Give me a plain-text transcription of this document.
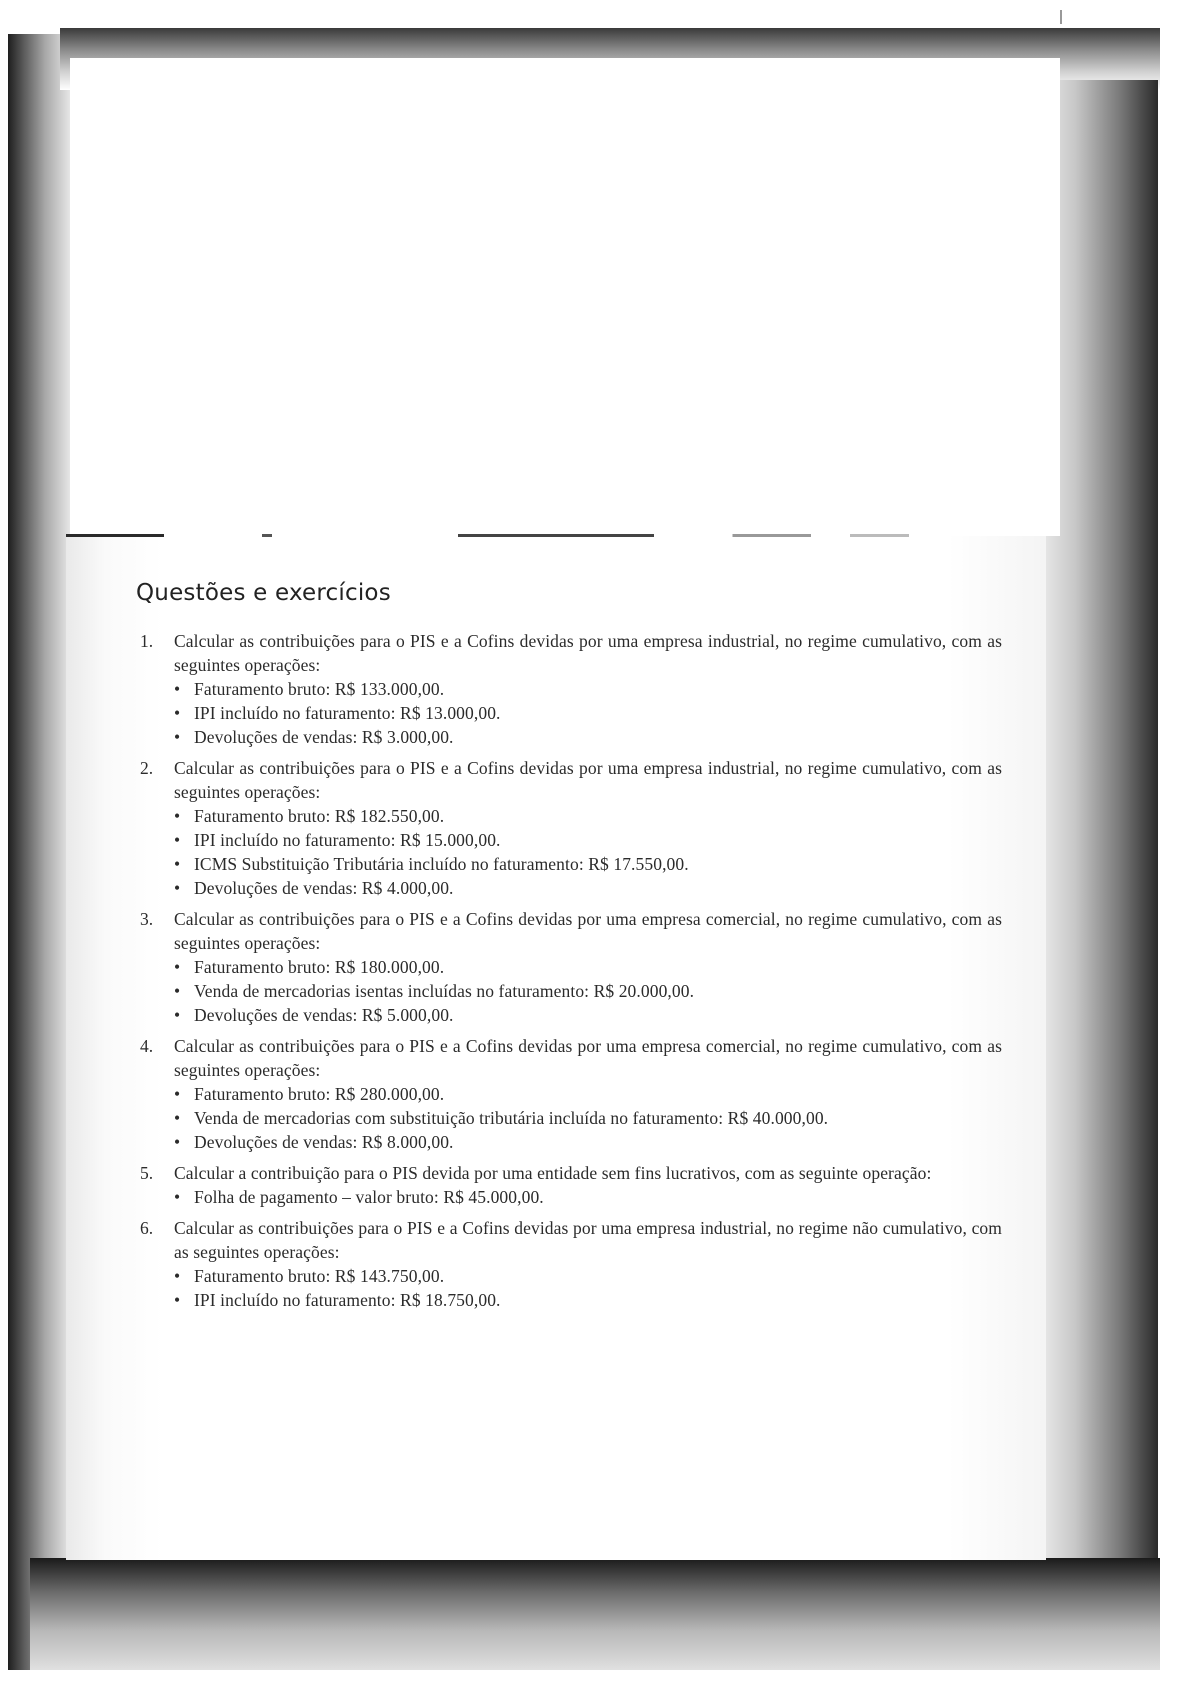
Questões e exercícios
1. Calcular as contribuições para o PIS e a Cofins devidas por uma empresa industrial, no regime cumulativo, com as seguintes operações:

• Faturamento bruto: R$ 133.000,00.
• IPI incluído no faturamento: R$ 13.000,00.
• Devoluções de vendas: R$ 3.000,00.
2. Calcular as contribuições para o PIS e a Cofins devidas por uma empresa industrial, no regime cumulativo, com as seguintes operações:

• Faturamento bruto: R$ 182.550,00.
• IPI incluído no faturamento: R$ 15.000,00.
• ICMS Substituição Tributária incluído no faturamento: R$ 17.550,00.
• Devoluções de vendas: R$ 4.000,00.
3. Calcular as contribuições para o PIS e a Cofins devidas por uma empresa comercial, no regime cumulativo, com as seguintes operações:

• Faturamento bruto: R$ 180.000,00.
• Venda de mercadorias isentas incluídas no faturamento: R$ 20.000,00.
• Devoluções de vendas: R$ 5.000,00.
4. Calcular as contribuições para o PIS e a Cofins devidas por uma empresa comercial, no regime cumulativo, com as seguintes operações:

• Faturamento bruto: R$ 280.000,00.
• Venda de mercadorias com substituição tributária incluída no faturamento: R$ 40.000,00.
• Devoluções de vendas: R$ 8.000,00.
5. Calcular a contribuição para o PIS devida por uma entidade sem fins lucrativos, com as seguinte operação:

• Folha de pagamento – valor bruto: R$ 45.000,00.
6. Calcular as contribuições para o PIS e a Cofins devidas por uma empresa industrial, no regime não cumulativo, com as seguintes operações:

• Faturamento bruto: R$ 143.750,00.
• IPI incluído no faturamento: R$ 18.750,00.
